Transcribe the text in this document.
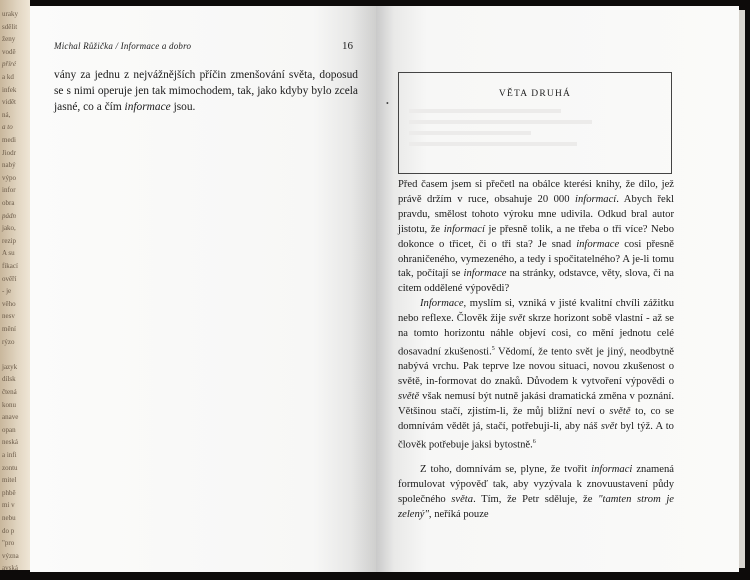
uraky
sdělit
ženy
vodě
příré
a kd
infek
vidět
ná,
a to
medi
Jiodr
nabý
výpo
infor
obra
pádn
jako,
rezip
A su
fikací
ověří
- je
věho
nesv
mění
rýzo
jazyk
dílsk
čtená
konu
anave
opan
neská
a infi
zontu
mitel
phbě
mi v
nebu
do p
"pro
význa
avská
Michal Růžička / Informace a dobro	16
vány za jednu z nejvážnějších příčin zmenšování světa, doposud se s nimi operuje jen tak mimochodem, tak, jako kdyby bylo zcela jasné, co a čím informace jsou.	•
VĚTA DRUHÁ

Před časem jsem si přečetl na obálce kterési knihy, že dílo, jež právě držím v ruce, obsahuje 20 000 informací. Abych řekl pravdu, smělost tohoto výroku mne udivila. Odkud bral autor jistotu, že informací je přesně tolik, a ne třeba o tři více? Nebo dokonce o třicet, či o tři sta? Je snad informace cosi přesně ohraničeného, vymezeného, a tedy i spočitatelného? A je-li tomu tak, počítají se informace na stránky, odstavce, věty, slova, či na citem oddělené výpovědi?

Informace, myslím si, vzniká v jisté kvalitní chvíli zážitku nebo reflexe. Člověk žije svět skrze horizont sobě vlastní - až se na tomto horizontu náhle objeví cosi, co mění jednotu celé dosavadní zkušenosti.$^5$ Vědomí, že tento svět je jiný, neodbytně nabývá vrchu. Pak teprve lze novou situaci, novou zkušenost o světě, in-formovat do znaků. Důvodem k vytvoření výpovědi o světě však nemusí být nutně jakási dramatická změna v poznání. Většinou stačí, zjistím-li, že můj bližní neví o světě to, co se domnívám vědět já, stačí, potřebuji-li, aby náš svět byl týž. A to člověk potřebuje jaksi bytostně.$^6$

Z toho, domnívám se, plyne, že tvořit informaci znamená formulovat výpověď tak, aby vyzývala k znovuustavení půdy společného světa. Tím, že Petr sděluje, že "tamten strom je zelený", neříká pouze
